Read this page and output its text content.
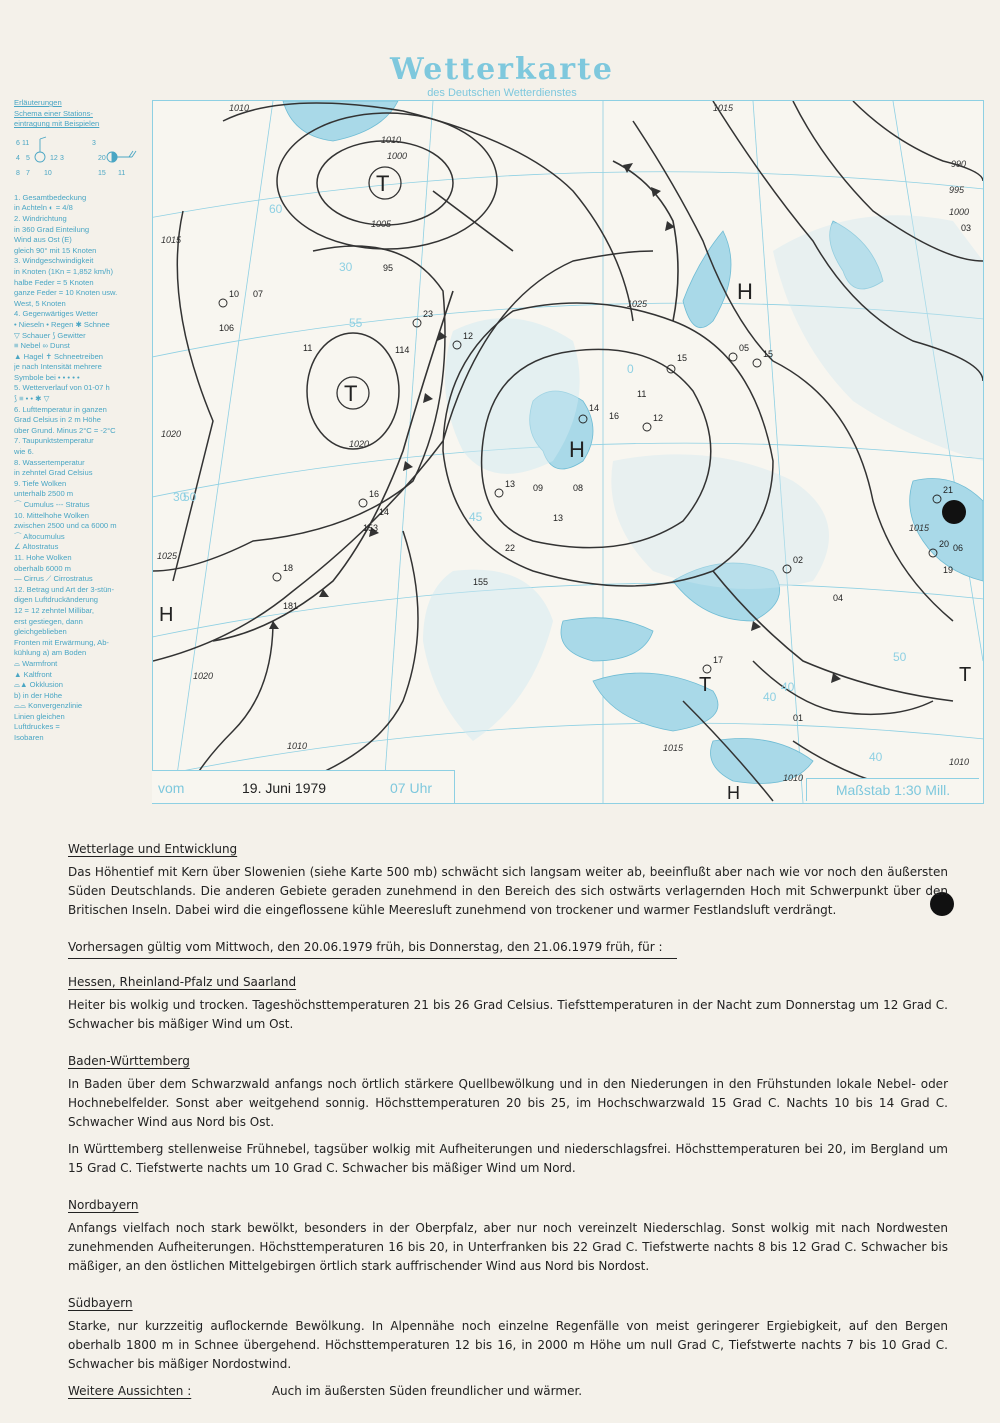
Wetterkarte
des Deutschen Wetterdienstes
Erläuterungen
Schema einer Stations-
eintragung mit Beispielen
6 11
4 5	12 3
8 7 10
3
20
15 11
1. Gesamtbedeckung
in Achteln ◐ = 4/8
2. Windrichtung
in 360 Grad Einteilung
Wind aus Ost (E)
gleich 90° mit 15 Knoten
3. Windgeschwindigkeit
in Knoten (1Kn = 1,852 km/h)
halbe Feder = 5 Knoten
ganze Feder = 10 Knoten usw.
West, 5 Knoten
4. Gegenwärtiges Wetter
• Nieseln • Regen ✱ Schnee
▽ Schauer ⟆ Gewitter
≡ Nebel ∞ Dunst
▲ Hagel ✝ Schneetreiben
je nach Intensität mehrere
Symbole bei • • • • •
5. Wetterverlauf von 01-07 h
⟆ ≡ • • ✱ ▽
6. Lufttemperatur in ganzen
Grad Celsius in 2 m Höhe
über Grund. Minus 2°C = -2°C
7. Taupunktstemperatur
wie 6.
8. Wassertemperatur
in zehntel Grad Celsius
9. Tiefe Wolken
unterhalb 2500 m
⌒ Cumulus --- Stratus
10. Mittelhohe Wolken
zwischen 2500 und ca 6000 m
⌒ Altocumulus
∠ Altostratus
11. Hohe Wolken
oberhalb 6000 m
— Cirrus ⟋ Cirrostratus
12. Betrag und Art der 3-stün-
digen Luftdruckänderung
12 = 12 zehntel Millibar,
erst gestiegen, dann
gleichgeblieben
Fronten mit Erwärmung, Ab-
kühlung a) am Boden
⌓ Warmfront
▲ Kaltfront
⌓▲ Okklusion
b) in der Höhe
⌓⌓ Konvergenzlinie
Linien gleichen
Luftdruckes =
Isobaren
T
T
T	T
H
H
H
H
1010
1015
1020
1025
1020
1010
1015
1025
1020
1010
1005
1000
1015
1010
1000
995
990
1015
1010
60
50
40
30
50
40
30
0
55
45
40
14
16
12
11
15
13 09
05
17
18
20
22
10 07
06
03
08
19
21
12
15
13
11
16
14
02
04
01
23
153
181
155
114
106
95
vom	19. Juni 1979	07 Uhr	Maßstab 1:30 Mill.
Wetterlage und Entwicklung

Das Höhentief mit Kern über Slowenien (siehe Karte 500 mb) schwächt sich langsam weiter ab, beeinflußt aber nach wie vor noch den äußersten Süden Deutschlands. Die anderen Gebiete geraden zunehmend in den Bereich des sich ostwärts verlagernden Hoch mit Schwerpunkt über den Britischen Inseln. Dabei wird die eingeflossene kühle Meeresluft zunehmend von trockener und warmer Festlandsluft verdrängt.

Vorhersagen gültig vom Mittwoch, den 20.06.1979 früh, bis Donnerstag, den 21.06.1979 früh, für :
Hessen, Rheinland-Pfalz und Saarland

Heiter bis wolkig und trocken. Tageshöchsttemperaturen 21 bis 26 Grad Celsius. Tiefsttemperaturen in der Nacht zum Donnerstag um 12 Grad C. Schwacher bis mäßiger Wind um Ost.

Baden-Württemberg

In Baden über dem Schwarzwald anfangs noch örtlich stärkere Quellbewölkung und in den Niederungen in den Frühstunden lokale Nebel- oder Hochnebelfelder. Sonst aber weitgehend sonnig. Höchsttemperaturen 20 bis 25, im Hochschwarzwald 15 Grad C. Nachts 10 bis 14 Grad C. Schwacher Wind aus Nord bis Ost.

In Württemberg stellenweise Frühnebel, tagsüber wolkig mit Aufheiterungen und niederschlagsfrei. Höchsttemperaturen bei 20, im Bergland um 15 Grad C. Tiefstwerte nachts um 10 Grad C. Schwacher bis mäßiger Wind um Nord.

Nordbayern

Anfangs vielfach noch stark bewölkt, besonders in der Oberpfalz, aber nur noch vereinzelt Niederschlag. Sonst wolkig mit nach Nordwesten zunehmenden Aufheiterungen. Höchsttemperaturen 16 bis 20, in Unterfranken bis 22 Grad C. Tiefstwerte nachts 8 bis 12 Grad C. Schwacher bis mäßiger, an den östlichen Mittelgebirgen örtlich stark auffrischender Wind aus Nord bis Nordost.

Südbayern

Starke, nur kurzzeitig auflockernde Bewölkung. In Alpennähe noch einzelne Regenfälle von meist geringerer Ergiebigkeit, auf den Bergen oberhalb 1800 m in Schnee übergehend. Höchsttemperaturen 12 bis 16, in 2000 m Höhe um null Grad C, Tiefstwerte nachts 7 bis 10 Grad C. Schwacher bis mäßiger Nordostwind.

Weitere Aussichten :	Auch im äußersten Süden freundlicher und wärmer.
